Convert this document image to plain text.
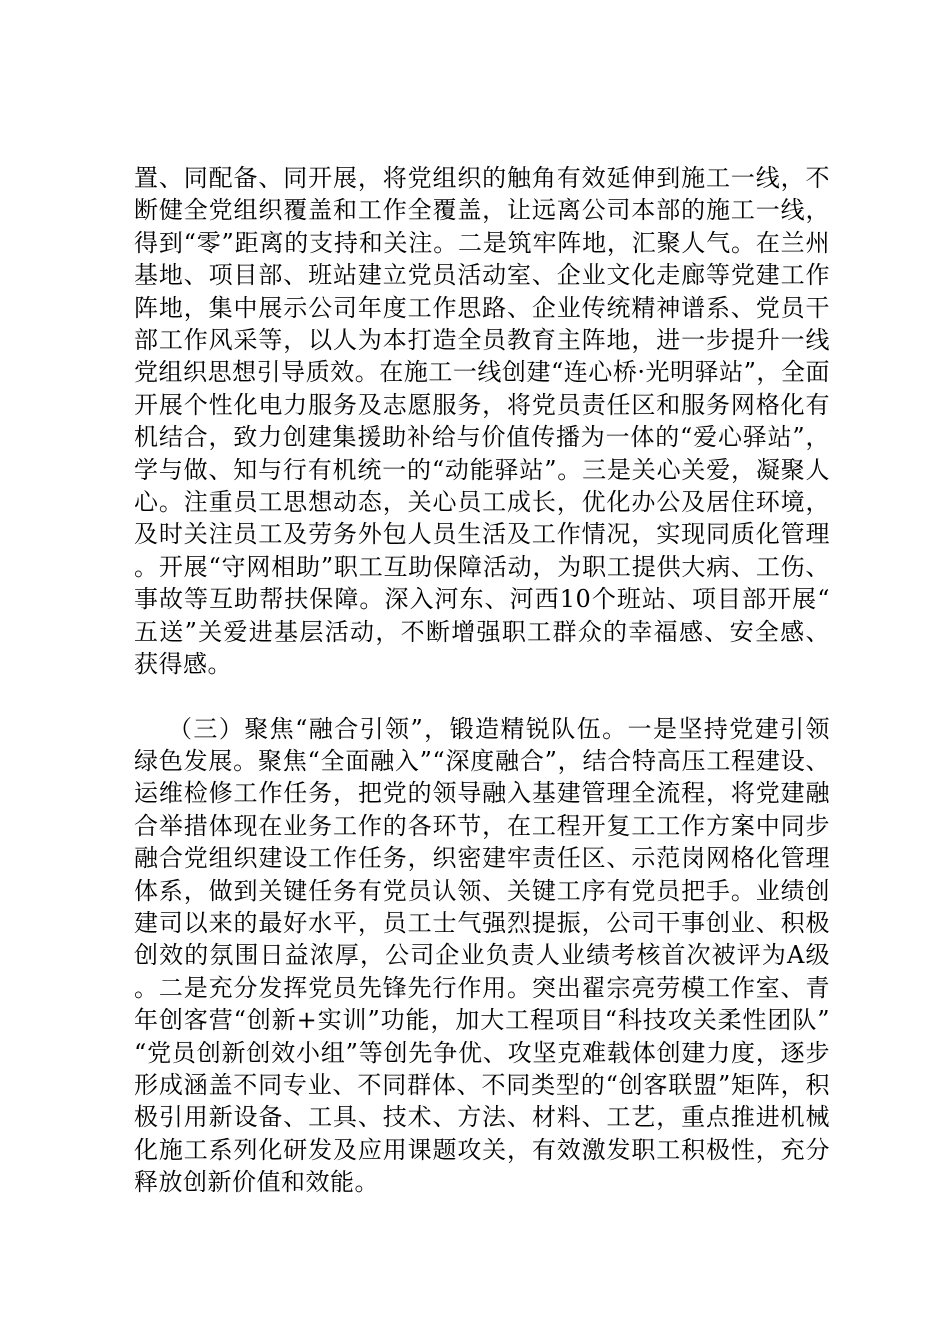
置、同配备、同开展，将党组织的触角有效延伸到施工一线，不断健全党组织覆盖和工作全覆盖，让远离公司本部的施工一线，得到“零”距离的支持和关注。二是筑牢阵地，汇聚人气。在兰州基地、项目部、班站建立党员活动室、企业文化走廊等党建工作阵地，集中展示公司年度工作思路、企业传统精神谱系、党员干部工作风采等，以人为本打造全员教育主阵地，进一步提升一线党组织思想引导质效。在施工一线创建“连心桥·光明驿站”，全面开展个性化电力服务及志愿服务，将党员责任区和服务网格化有机结合，致力创建集援助补给与价值传播为一体的“爱心驿站”，学与做、知与行有机统一的“动能驿站”。三是关心关爱，凝聚人心。注重员工思想动态，关心员工成长，优化办公及居住环境，及时关注员工及劳务外包人员生活及工作情况，实现同质化管理。开展“守网相助”职工互助保障活动，为职工提供大病、工伤、事故等互助帮扶保障。深入河东、河西10个班站、项目部开展“五送”关爱进基层活动，不断增强职工群众的幸福感、安全感、获得感。

（三）聚焦“融合引领”，锻造精锐队伍。一是坚持党建引领绿色发展。聚焦“全面融入”“深度融合”，结合特高压工程建设、运维检修工作任务，把党的领导融入基建管理全流程，将党建融合举措体现在业务工作的各环节，在工程开复工工作方案中同步融合党组织建设工作任务，织密建牢责任区、示范岗网格化管理体系，做到关键任务有党员认领、关键工序有党员把手。业绩创建司以来的最好水平，员工士气强烈提振，公司干事创业、积极创效的氛围日益浓厚，公司企业负责人业绩考核首次被评为A级。二是充分发挥党员先锋先行作用。突出翟宗亮劳模工作室、青年创客营“创新+实训”功能，加大工程项目“科技攻关柔性团队”“党员创新创效小组”等创先争优、攻坚克难载体创建力度，逐步形成涵盖不同专业、不同群体、不同类型的“创客联盟”矩阵，积极引用新设备、工具、技术、方法、材料、工艺，重点推进机械化施工系列化研发及应用课题攻关，有效激发职工积极性，充分释放创新价值和效能。
